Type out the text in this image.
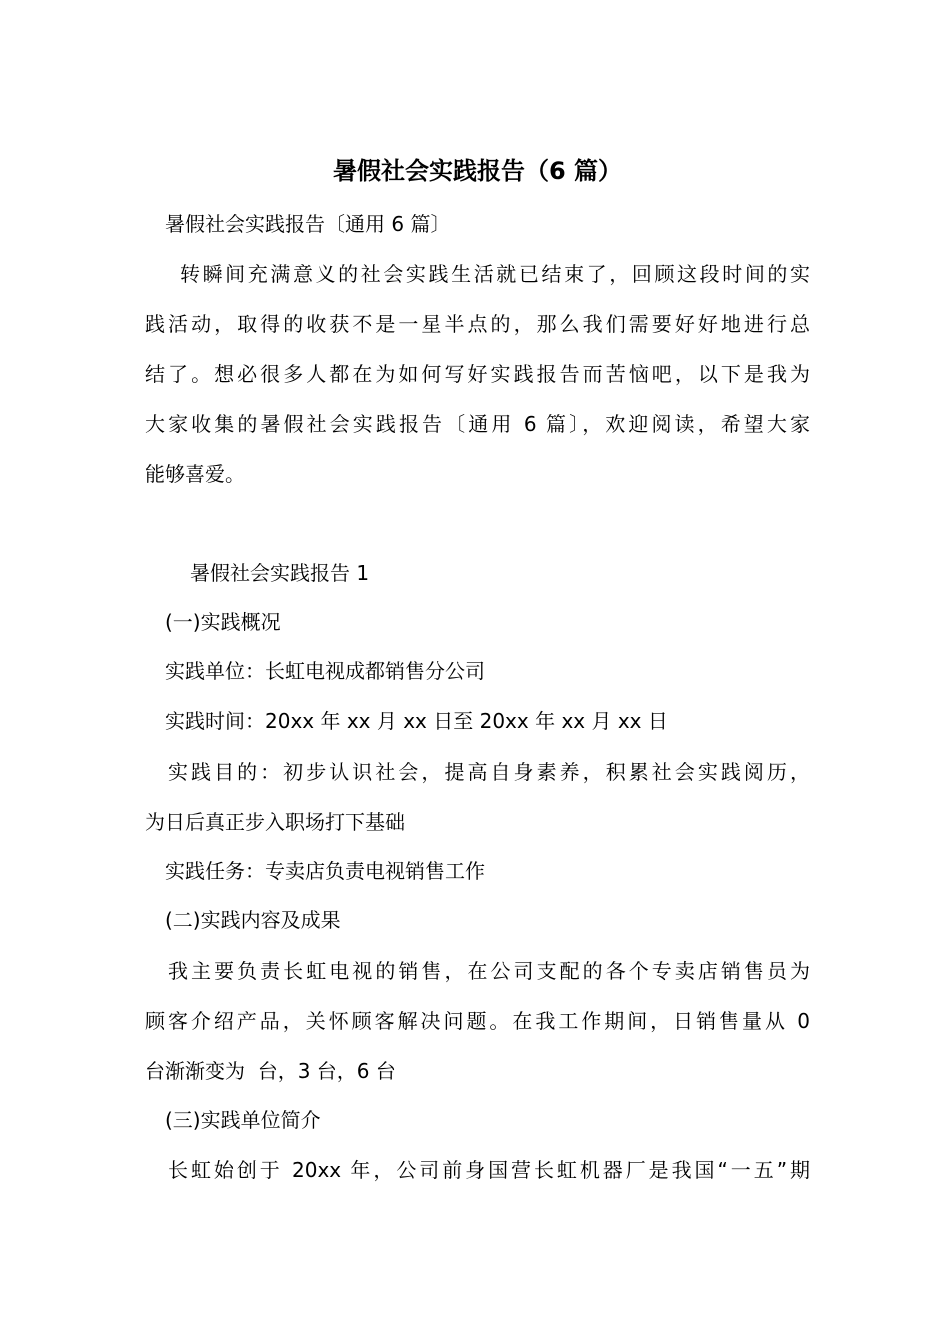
暑假社会实践报告（6 篇）
暑假社会实践报告〔通用 6 篇〕
转瞬间充满意义的社会实践生活就已结束了，回顾这段时间的实
践活动，取得的收获不是一星半点的，那么我们需要好好地进行总
结了。想必很多人都在为如何写好实践报告而苦恼吧，以下是我为
大家收集的暑假社会实践报告〔通用 6 篇〕，欢迎阅读，希望大家
能够喜爱。
暑假社会实践报告 1
(一)实践概况
实践单位：长虹电视成都销售分公司
实践时间：20xx 年 xx 月 xx 日至 20xx 年 xx 月 xx 日
实践目的：初步认识社会，提高自身素养，积累社会实践阅历，
为日后真正步入职场打下基础
实践任务：专卖店负责电视销售工作
(二)实践内容及成果
我主要负责长虹电视的销售，在公司支配的各个专卖店销售员为
顾客介绍产品，关怀顾客解决问题。在我工作期间，日销售量从 0
台渐渐变为  台，3 台，6 台
(三)实践单位简介
长虹始创于 20xx 年，公司前身国营长虹机器厂是我国“一五”期
